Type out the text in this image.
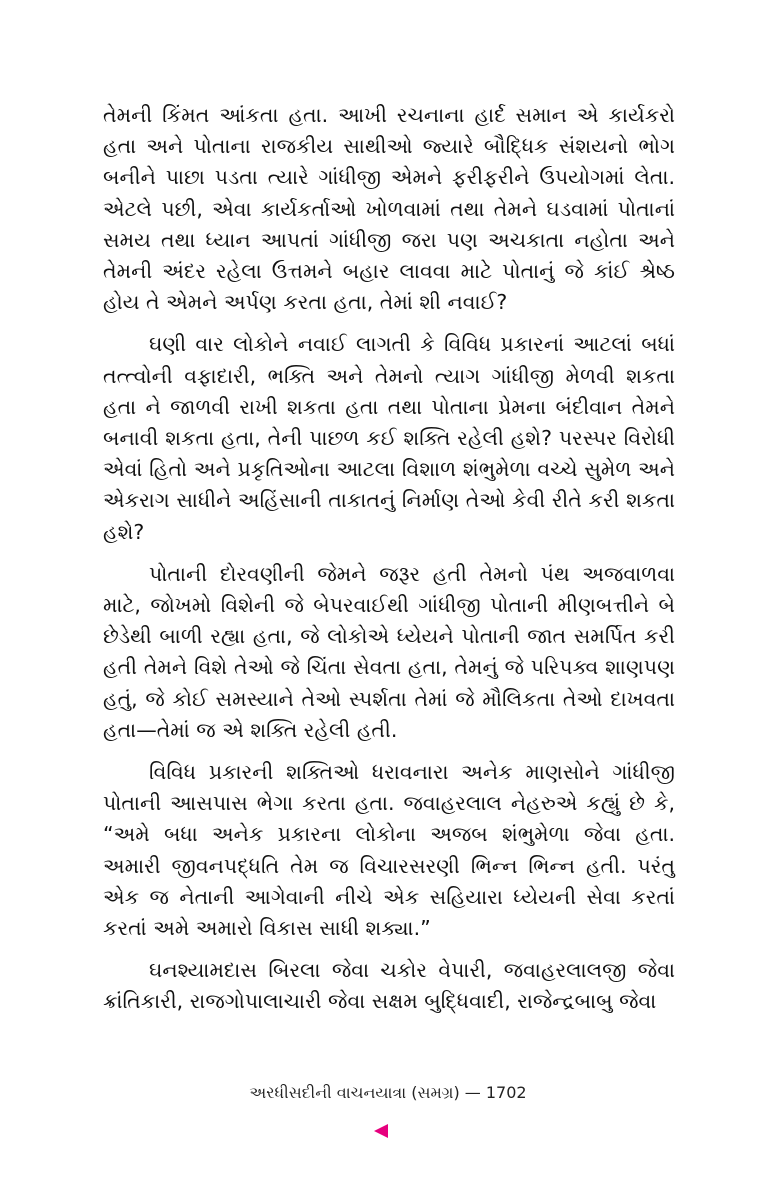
તેમની કિંમત આંકતા હતા. આખી રચનાના હાર્દ સમાન એ કાર્યકરો હતા અને પોતાના રાજકીય સાથીઓ જ્યારે બૌદ્ધિક સંશયનો ભોગ બનીને પાછા પડતા ત્યારે ગાંધીજી એમને ફરીફરીને ઉપયોગમાં લેતા. એટલે પછી, એવા કાર્યકર્તાઓ ખોળવામાં તથા તેમને ઘડવામાં પોતાનાં સમય તથા ધ્યાન આપતાં ગાંધીજી જરા પણ અચકાતા નહોતા અને તેમની અંદર રહેલા ઉત્તમને બહાર લાવવા માટે પોતાનું જે કાંઈ શ્રેષ્ઠ હોય તે એમને અર્પણ કરતા હતા, તેમાં શી નવાઈ?

ઘણી વાર લોકોને નવાઈ લાગતી કે વિવિધ પ્રકારનાં આટલાં બધાં તત્ત્વોની વફાદારી, ભક્તિ અને તેમનો ત્યાગ ગાંધીજી મેળવી શકતા હતા ને જાળવી રાખી શકતા હતા તથા પોતાના પ્રેમના બંદીવાન તેમને બનાવી શકતા હતા, તેની પાછળ કઈ શક્તિ રહેલી હશે? પરસ્પર વિરોધી એવાં હિતો અને પ્રકૃતિઓના આટલા વિશાળ શંભુમેળા વચ્ચે સુમેળ અને એકરાગ સાધીને અહિંસાની તાકાતનું નિર્માણ તેઓ કેવી રીતે કરી શકતા હશે?

પોતાની દોરવણીની જેમને જરૂર હતી તેમનો પંથ અજવાળવા માટે, જોખમો વિશેની જે બેપરવાઈથી ગાંધીજી પોતાની મીણબત્તીને બે છેડેથી બાળી રહ્યા હતા, જે લોકોએ ધ્યેયને પોતાની જાત સમર્પિત કરી હતી તેમને વિશે તેઓ જે ચિંતા સેવતા હતા, તેમનું જે પરિપક્વ શાણપણ હતું, જે કોઈ સમસ્યાને તેઓ સ્પર્શતા તેમાં જે મૌલિકતા તેઓ દાખવતા હતા—તેમાં જ એ શક્તિ રહેલી હતી.

વિવિધ પ્રકારની શક્તિઓ ધરાવનારા અનેક માણસોને ગાંધીજી પોતાની આસપાસ ભેગા કરતા હતા. જવાહરલાલ નેહરુએ કહ્યું છે કે, “અમે બધા અનેક પ્રકારના લોકોના અજબ શંભુમેળા જેવા હતા. અમારી જીવનપદ્ધતિ તેમ જ વિચારસરણી ભિન્ન ભિન્ન હતી. પરંતુ એક જ નેતાની આગેવાની નીચે એક સહિયારા ધ્યેયની સેવા કરતાં કરતાં અમે અમારો વિકાસ સાધી શક્યા.”

ઘનશ્યામદાસ બિરલા જેવા ચકોર વેપારી, જવાહરલાલજી જેવા ક્રાંતિકારી, રાજગોપાલાચારી જેવા સક્ષમ બુદ્ધિવાદી, રાજેન્દ્રબાબુ જેવા

અરધીસદીની વાચનયાત્રા (સમગ્ર) — 1702
